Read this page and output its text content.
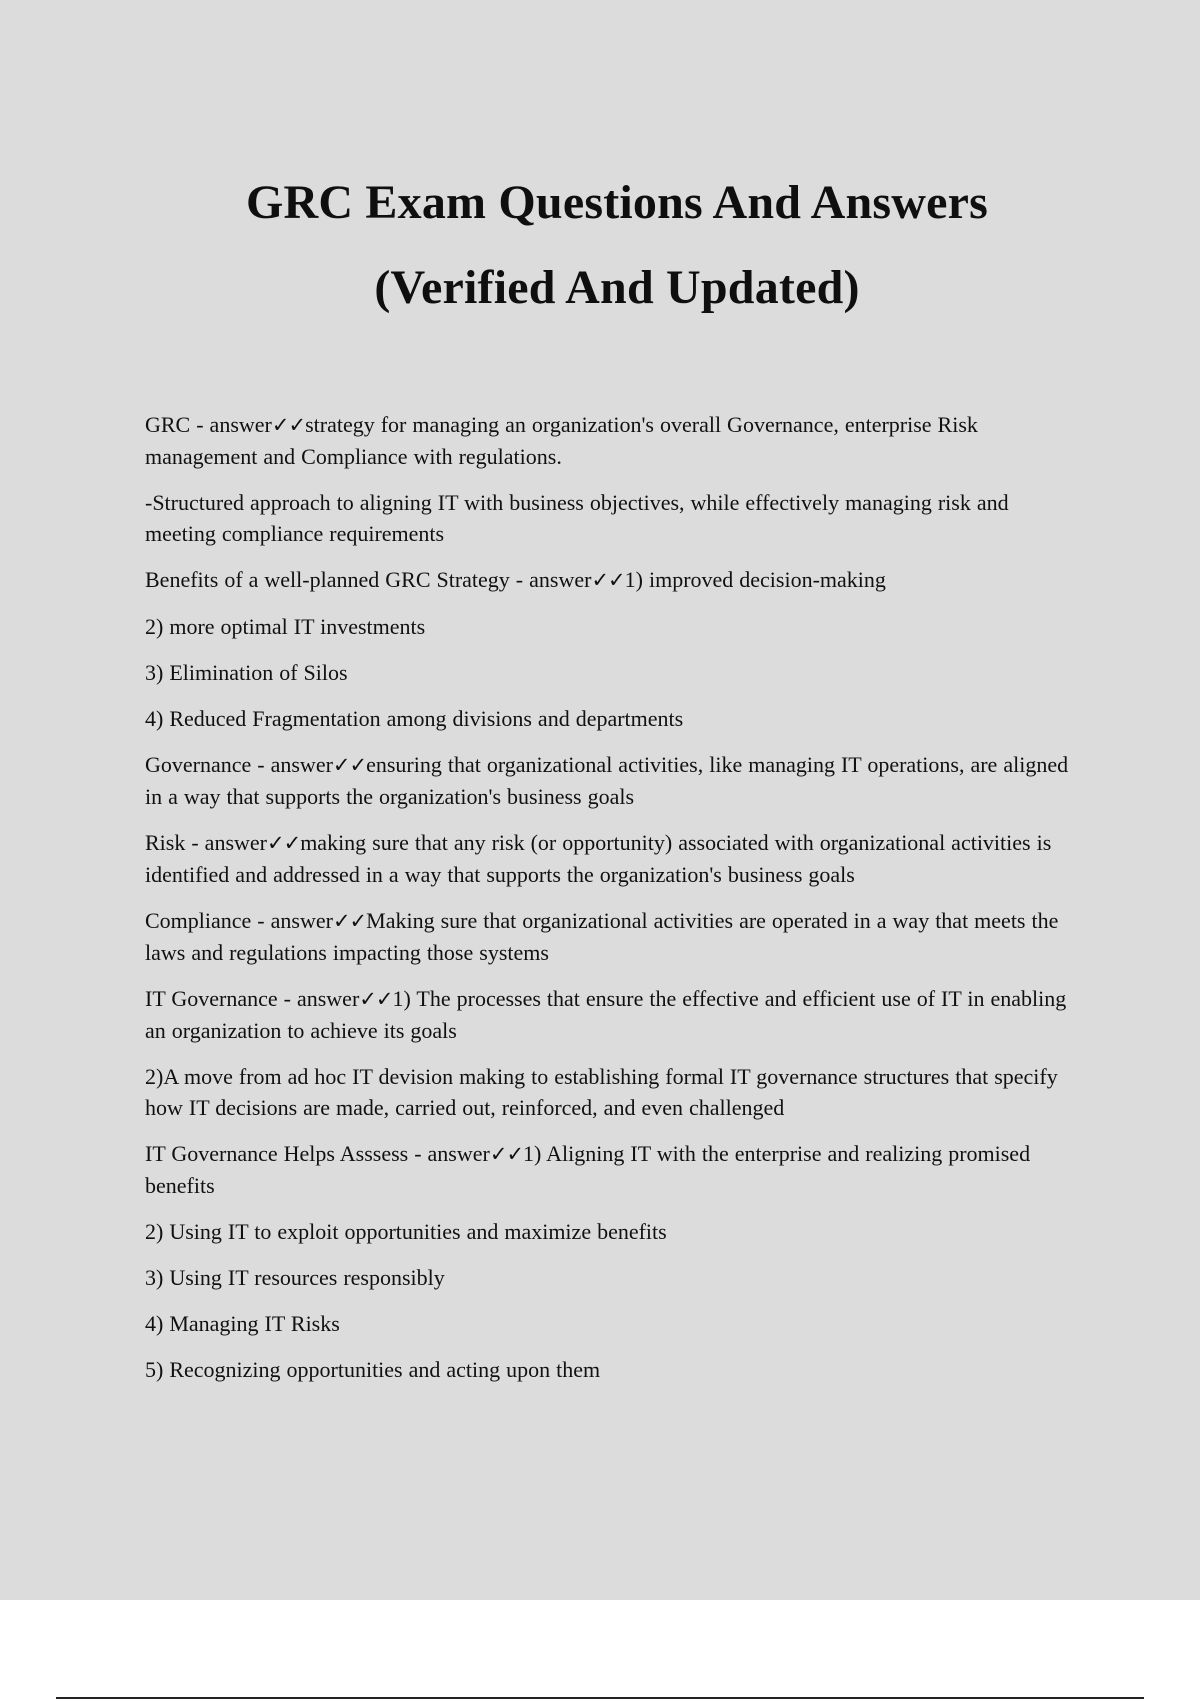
GRC Exam Questions And Answers
(Verified And Updated)

GRC - answer✓✓strategy for managing an organization's overall Governance, enterprise Risk management and Compliance with regulations.

-Structured approach to aligning IT with business objectives, while effectively managing risk and meeting compliance requirements

Benefits of a well-planned GRC Strategy - answer✓✓1) improved decision-making

2) more optimal IT investments

3) Elimination of Silos

4) Reduced Fragmentation among divisions and departments

Governance - answer✓✓ensuring that organizational activities, like managing IT operations, are aligned in a way that supports the organization's business goals

Risk - answer✓✓making sure that any risk (or opportunity) associated with organizational activities is identified and addressed in a way that supports the organization's business goals

Compliance - answer✓✓Making sure that organizational activities are operated in a way that meets the laws and regulations impacting those systems

IT Governance - answer✓✓1) The processes that ensure the effective and efficient use of IT in enabling an organization to achieve its goals

2)A move from ad hoc IT devision making to establishing formal IT governance structures that specify how IT decisions are made, carried out, reinforced, and even challenged

IT Governance Helps Asssess - answer✓✓1) Aligning IT with the enterprise and realizing promised benefits

2) Using IT to exploit opportunities and maximize benefits

3) Using IT resources responsibly

4) Managing IT Risks

5) Recognizing opportunities and acting upon them
